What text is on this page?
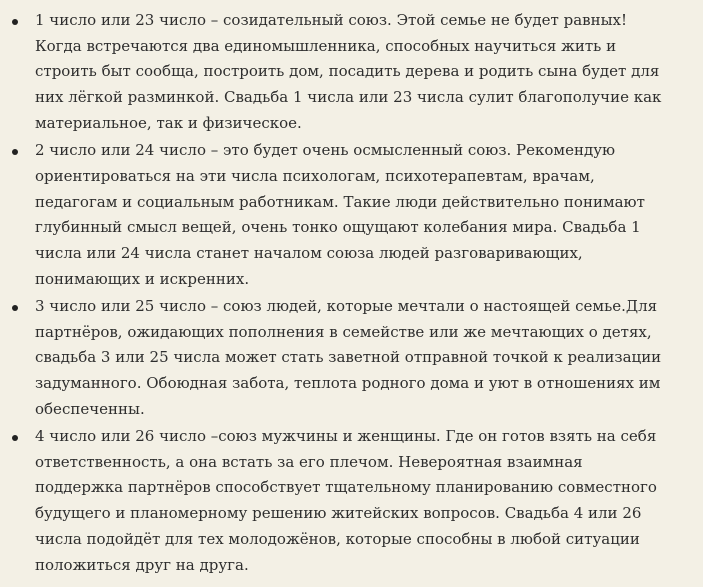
1 число или 23 число – созидательный союз. Этой семье не будет равных! Когда встречаются два единомышленника, способных научиться жить и строить быт сообща, построить дом, посадить дерева и родить сына будет для них лёгкой разминкой. Свадьба 1 числа или 23 числа сулит благополучие как материальное, так и физическое.
2 число или 24 число – это будет очень осмысленный союз. Рекомендую ориентироваться на эти числа психологам, психотерапевтам, врачам, педагогам и социальным работникам. Такие люди действительно понимают глубинный смысл вещей, очень тонко ощущают колебания мира. Свадьба 1 числа или 24 числа станет началом союза людей разговаривающих, понимающих и искренних.
3 число или 25 число – союз людей, которые мечтали о настоящей семье.Для партнёров, ожидающих пополнения в семействе или же мечтающих о детях, свадьба 3 или 25 числа может стать заветной отправной точкой к реализации задуманного. Обоюдная забота, теплота родного дома и уют в отношениях им обеспеченны.
4 число или 26 число –союз мужчины и женщины. Где он готов взять на себя ответственность, а она встать за его плечом. Невероятная взаимная поддержка партнёров способствует тщательному планированию совместного будущего и планомерному решению житейских вопросов. Свадьба 4 или 26 числа подойдёт для тех молодожёнов, которые способны в любой ситуации положиться друг на друга.
